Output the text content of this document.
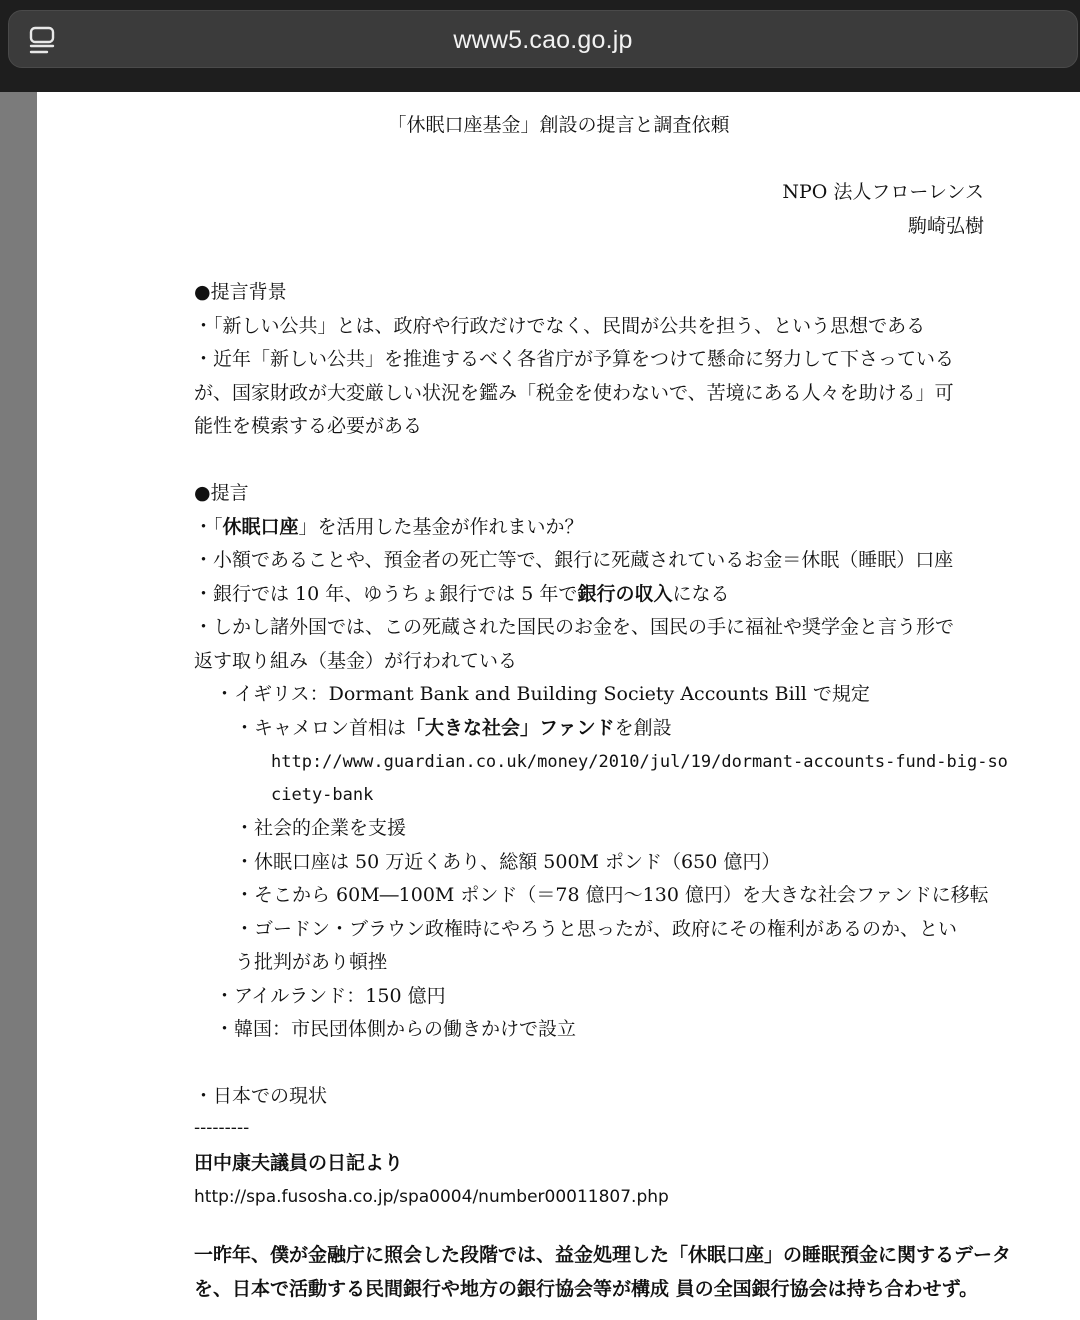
www5.cao.go.jp
「休眠口座基金」創設の提言と調査依頼
NPO 法人フローレンス
駒崎弘樹
●提言背景
・「新しい公共」とは、政府や行政だけでなく、民間が公共を担う、という思想である
・近年「新しい公共」を推進するべく各省庁が予算をつけて懸命に努力して下さっている
が、国家財政が大変厳しい状況を鑑み「税金を使わないで、苦境にある人々を助ける」可
能性を模索する必要がある
●提言
・「休眠口座」を活用した基金が作れまいか？
・小額であることや、預金者の死亡等で、銀行に死蔵されているお金＝休眠（睡眠）口座
・銀行では 10 年、ゆうちょ銀行では 5 年で銀行の収入になる
・しかし諸外国では、この死蔵された国民のお金を、国民の手に福祉や奨学金と言う形で
返す取り組み（基金）が行われている
・イギリス：Dormant Bank and Building Society Accounts Bill で規定
・キャメロン首相は「大きな社会」ファンドを創設
http://www.guardian.co.uk/money/2010/jul/19/dormant-accounts-fund-big-so
ciety-bank
・社会的企業を支援
・休眠口座は 50 万近くあり、総額 500M ポンド（650 億円）
・そこから 60M―100M ポンド（＝78 億円～130 億円）を大きな社会ファンドに移転
・ゴードン・ブラウン政権時にやろうと思ったが、政府にその権利があるのか、とい
う批判があり頓挫
・アイルランド：150 億円
・韓国：市民団体側からの働きかけで設立
・日本での現状
---------
田中康夫議員の日記より
http://spa.fusosha.co.jp/spa0004/number00011807.php
一昨年、僕が金融庁に照会した段階では、益金処理した「休眠口座」の睡眠預金に関するデータ
を、日本で活動する民間銀行や地方の銀行協会等が構成 員の全国銀行協会は持ち合わせず。
